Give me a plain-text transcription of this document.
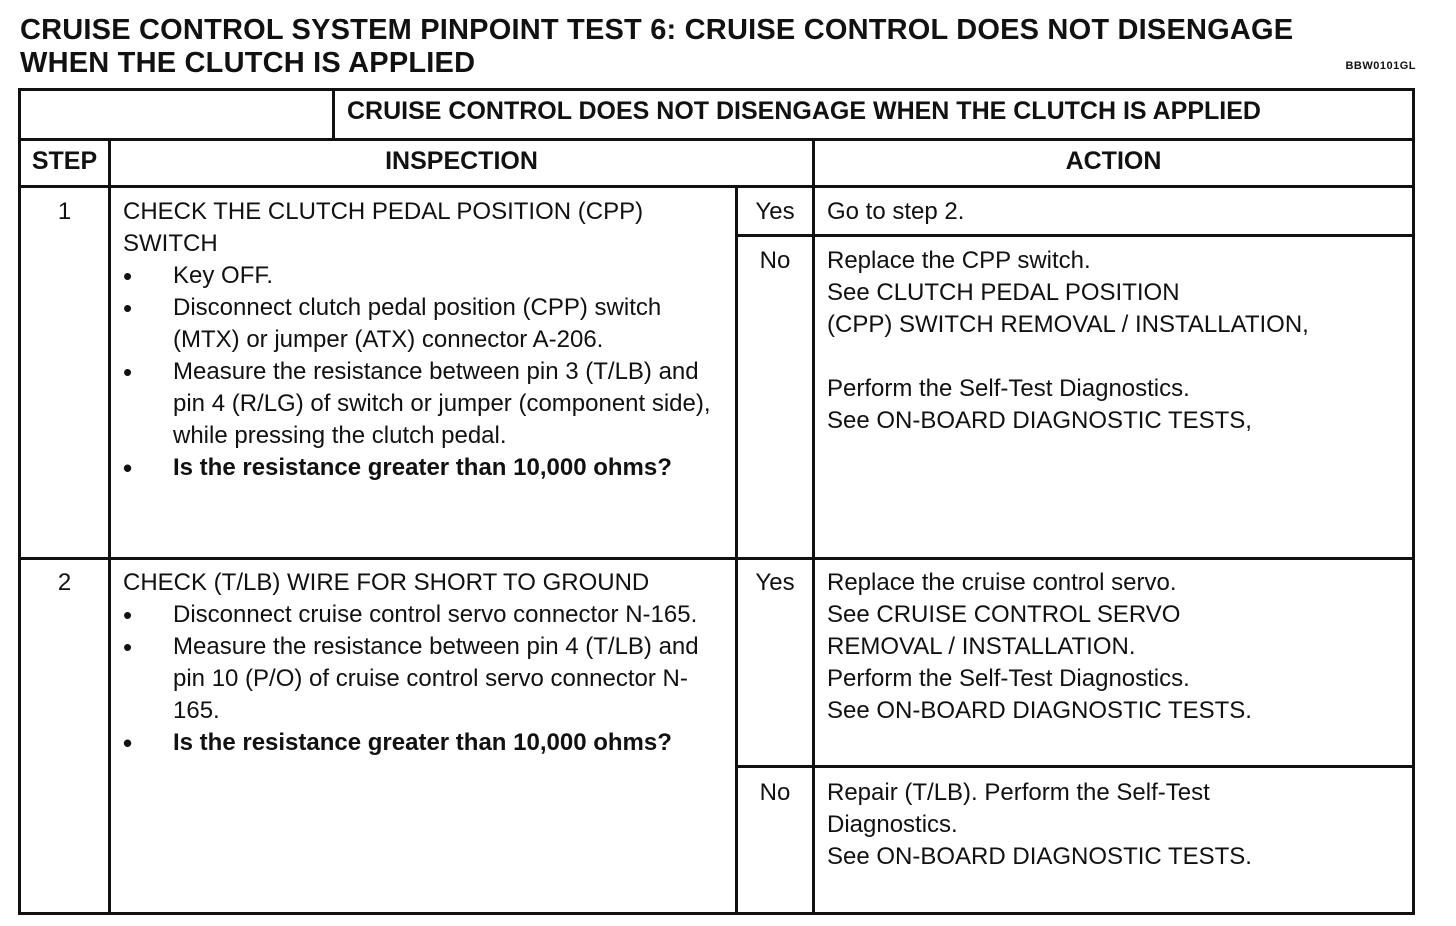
CRUISE CONTROL SYSTEM PINPOINT TEST 6: CRUISE CONTROL DOES NOT DISENGAGE
WHEN THE CLUTCH IS APPLIED	BBW0101GL
CRUISE CONTROL DOES NOT DISENGAGE WHEN THE CLUTCH IS APPLIED
STEP	INSPECTION	ACTION
1	CHECK THE CLUTCH PEDAL POSITION (CPP) SWITCH
• Key OFF.
• Disconnect clutch pedal position (CPP) switch (MTX) or jumper (ATX) connector A-206.
• Measure the resistance between pin 3 (T/LB) and pin 4 (R/LG) of switch or jumper (component side), while pressing the clutch pedal.
• Is the resistance greater than 10,000 ohms?
Yes	Go to step 2.
No	Replace the CPP switch.
See CLUTCH PEDAL POSITION
(CPP) SWITCH REMOVAL / INSTALLATION,
Perform the Self-Test Diagnostics.
See ON-BOARD DIAGNOSTIC TESTS,
2	CHECK (T/LB) WIRE FOR SHORT TO GROUND
• Disconnect cruise control servo connector N-165.
• Measure the resistance between pin 4 (T/LB) and pin 10 (P/O) of cruise control servo connector N-165.
• Is the resistance greater than 10,000 ohms?
Yes	Replace the cruise control servo.
See CRUISE CONTROL SERVO
REMOVAL / INSTALLATION.
Perform the Self-Test Diagnostics.
See ON-BOARD DIAGNOSTIC TESTS.
No	Repair (T/LB). Perform the Self-Test
Diagnostics.
See ON-BOARD DIAGNOSTIC TESTS.
